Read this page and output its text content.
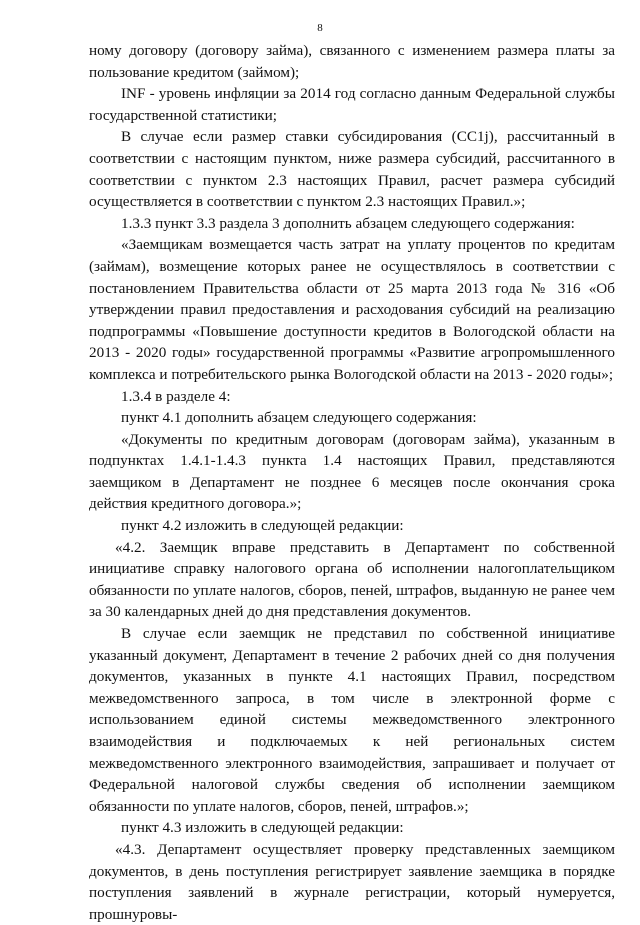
8

ному договору (договору займа), связанного с изменением размера платы за пользование кредитом (займом);

INF - уровень инфляции за 2014 год согласно данным Федеральной службы государственной статистики;

В случае если размер ставки субсидирования (CC1j), рассчитанный в соответствии с настоящим пунктом, ниже размера субсидий, рассчитанного в соответствии с пунктом 2.3 настоящих Правил, расчет размера субсидий осуществляется в соответствии с пунктом 2.3 настоящих Правил.»;

1.3.3 пункт 3.3 раздела 3 дополнить абзацем следующего содержания:

«Заемщикам возмещается часть затрат на уплату процентов по кредитам (займам), возмещение которых ранее не осуществлялось в соответствии с постановлением Правительства области от 25 марта 2013 года № 316 «Об утверждении правил предоставления и расходования субсидий на реализацию подпрограммы «Повышение доступности кредитов в Вологодской области на 2013 - 2020 годы» государственной программы «Развитие агропромышленного комплекса и потребительского рынка Вологодской области на 2013 - 2020 годы»;

1.3.4 в разделе 4:

пункт 4.1 дополнить абзацем следующего содержания:

«Документы по кредитным договорам (договорам займа), указанным в подпунктах 1.4.1-1.4.3 пункта 1.4 настоящих Правил, представляются заемщиком в Департамент не позднее 6 месяцев после окончания срока действия кредитного договора.»;

пункт 4.2 изложить в следующей редакции:

«4.2. Заемщик вправе представить в Департамент по собственной инициативе справку налогового органа об исполнении налогоплательщиком обязанности по уплате налогов, сборов, пеней, штрафов, выданную не ранее чем за 30 календарных дней до дня представления документов.

В случае если заемщик не представил по собственной инициативе указанный документ, Департамент в течение 2 рабочих дней со дня получения документов, указанных в пункте 4.1 настоящих Правил, посредством межведомственного запроса, в том числе в электронной форме с использованием единой системы межведомственного электронного взаимодействия и подключаемых к ней региональных систем межведомственного электронного взаимодействия, запрашивает и получает от Федеральной налоговой службы сведения об исполнении заемщиком обязанности по уплате налогов, сборов, пеней, штрафов.»;

пункт 4.3 изложить в следующей редакции:

«4.3. Департамент осуществляет проверку представленных заемщиком документов, в день поступления регистрирует заявление заемщика в порядке поступления заявлений в журнале регистрации, который нумеруется, прошнуровы-
